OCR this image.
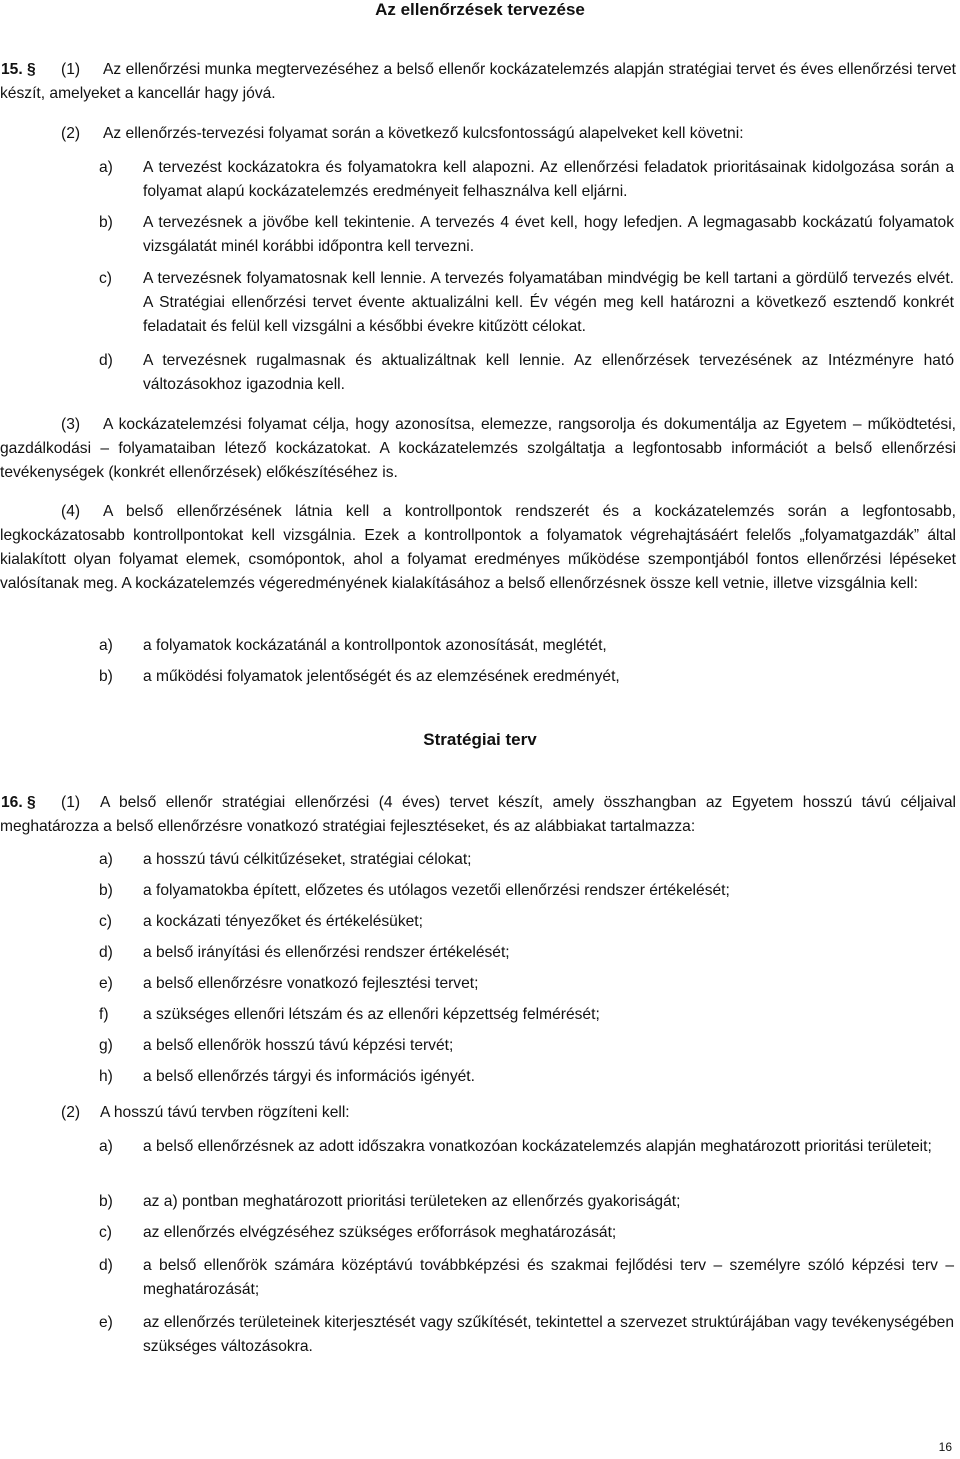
Az ellenőrzések tervezése
15. § (1)	Az ellenőrzési munka megtervezéséhez a belső ellenőr kockázatelemzés alapján stratégiai tervet és éves ellenőrzési tervet készít, amelyeket a kancellár hagy jóvá.
(2) Az ellenőrzés-tervezési folyamat során a következő kulcsfontosságú alapelveket kell követni:
a) A tervezést kockázatokra és folyamatokra kell alapozni. Az ellenőrzési feladatok prioritásainak kidolgozása során a folyamat alapú kockázatelemzés eredményeit felhasználva kell eljárni.
b) A tervezésnek a jövőbe kell tekintenie. A tervezés 4 évet kell, hogy lefedjen. A legmagasabb kockázatú folyamatok vizsgálatát minél korábbi időpontra kell tervezni.
c) A tervezésnek folyamatosnak kell lennie. A tervezés folyamatában mindvégig be kell tartani a gördülő tervezés elvét. A Stratégiai ellenőrzési tervet évente aktualizálni kell. Év végén meg kell határozni a következő esztendő konkrét feladatait és felül kell vizsgálni a későbbi évekre kitűzött célokat.
d) A tervezésnek rugalmasnak és aktualizáltnak kell lennie. Az ellenőrzések tervezésének az Intézményre ható változásokhoz igazodnia kell.
(3)	A kockázatelemzési folyamat célja, hogy azonosítsa, elemezze, rangsorolja és dokumentálja az Egyetem – működtetési, gazdálkodási – folyamataiban létező kockázatokat. A kockázatelemzés szolgáltatja a legfontosabb információt a belső ellenőrzési tevékenységek (konkrét ellenőrzések) előkészítéséhez is.
(4)	A belső ellenőrzésének látnia kell a kontrollpontok rendszerét és a kockázatelemzés során a legfontosabb, legkockázatosabb kontrollpontokat kell vizsgálnia. Ezek a kontrollpontok a folyamatok végrehajtásáért felelős „folyamatgazdák” által kialakított olyan folyamat elemek, csomópontok, ahol a folyamat eredményes működése szempontjából fontos ellenőrzési lépéseket valósítanak meg. A kockázatelemzés végeredményének kialakításához a belső ellenőrzésnek össze kell vetnie, illetve vizsgálnia kell:
a) a folyamatok kockázatánál a kontrollpontok azonosítását, meglétét,
b) a működési folyamatok jelentőségét és az elemzésének eredményét,
Stratégiai terv
16. § (1)	A belső ellenőr stratégiai ellenőrzési (4 éves) tervet készít, amely összhangban az Egyetem hosszú távú céljaival meghatározza a belső ellenőrzésre vonatkozó stratégiai fejlesztéseket, és az alábbiakat tartalmazza:
a) a hosszú távú célkitűzéseket, stratégiai célokat;
b) a folyamatokba épített, előzetes és utólagos vezetői ellenőrzési rendszer értékelését;
c) a kockázati tényezőket és értékelésüket;
d) a belső irányítási és ellenőrzési rendszer értékelését;
e) a belső ellenőrzésre vonatkozó fejlesztési tervet;
f) a szükséges ellenőri létszám és az ellenőri képzettség felmérését;
g) a belső ellenőrök hosszú távú képzési tervét;
h) a belső ellenőrzés tárgyi és információs igényét.
(2) A hosszú távú tervben rögzíteni kell:
a) a belső ellenőrzésnek az adott időszakra vonatkozóan kockázatelemzés alapján meghatározott prioritási területeit;
b) az a) pontban meghatározott prioritási területeken az ellenőrzés gyakoriságát;
c) az ellenőrzés elvégzéséhez szükséges erőforrások meghatározását;
d) a belső ellenőrök számára középtávú továbbképzési és szakmai fejlődési terv – személyre szóló képzési terv – meghatározását;
e) az ellenőrzés területeinek kiterjesztését vagy szűkítését, tekintettel a szervezet struktúrájában vagy tevékenységében szükséges változásokra.
16
